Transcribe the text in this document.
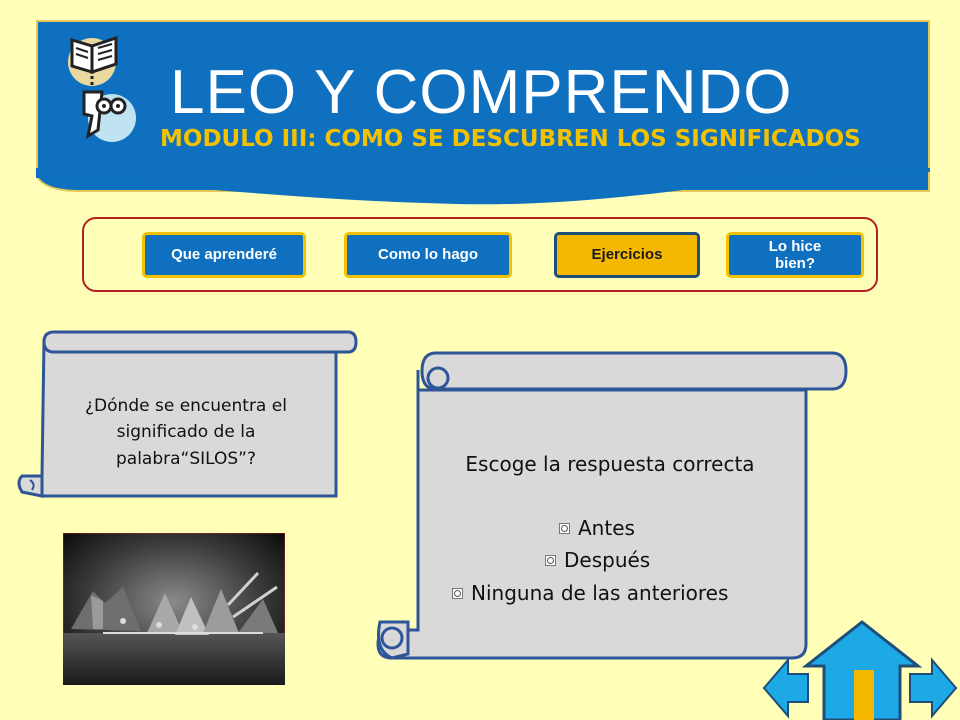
LEO Y COMPRENDO
MODULO III: COMO SE DESCUBREN LOS SIGNIFICADOS
Que aprenderé	Como lo hago	Ejercicios
Lo hice bien?
¿Dónde se encuentra el significado de la palabra“SILOS”?	Escoge la respuesta correcta
Antes
Después
Ninguna de las anteriores
